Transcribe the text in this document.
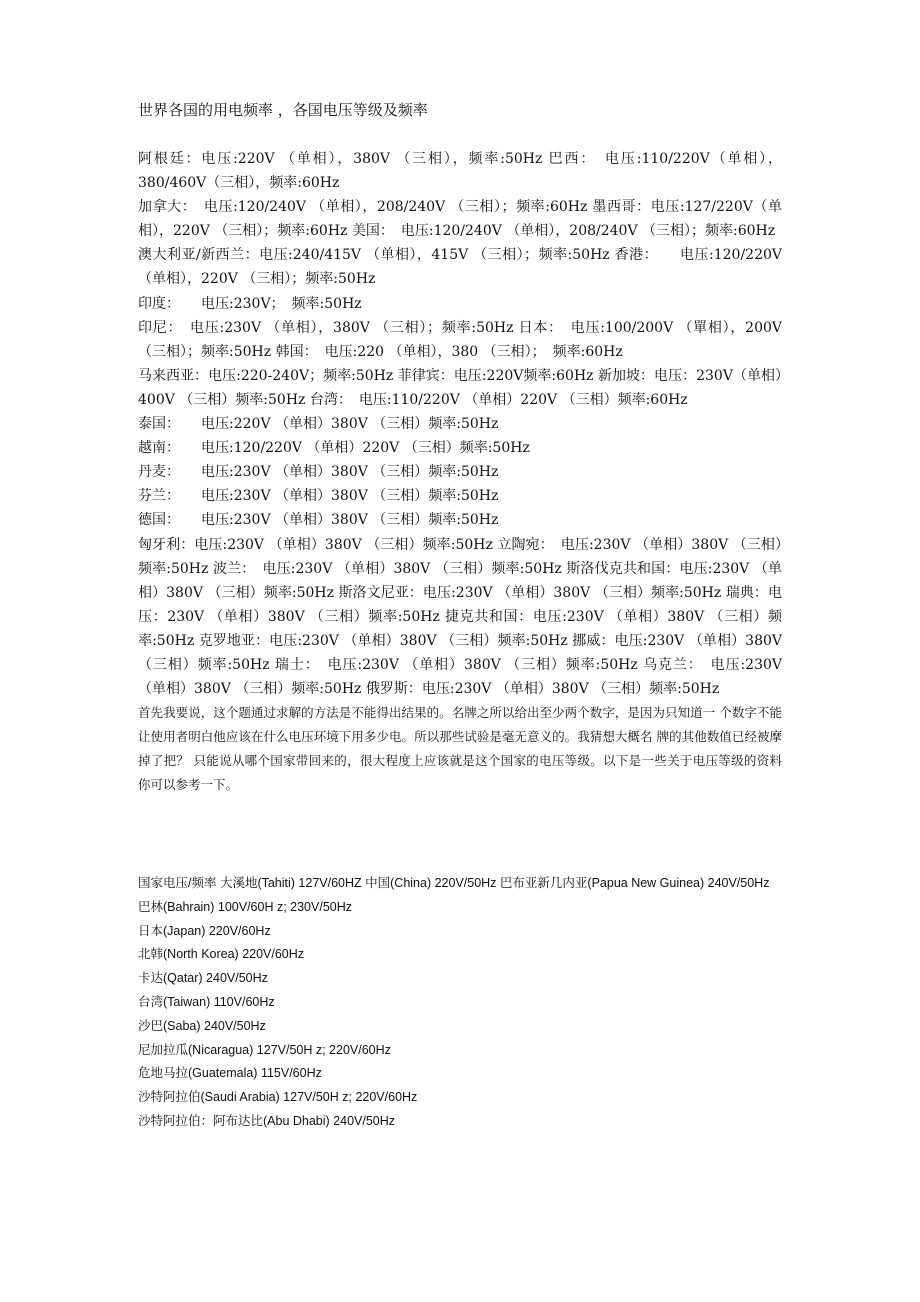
世界各国的用电频率 ，各国电压等级及频率

阿根廷：电压:220V （单相），380V （三相），频率:50Hz 巴西：　电压:110/220V（单相），380/460V（三相），频率:60Hz

加拿大：　电压:120/240V （单相），208/240V （三相）；频率:60Hz 墨西哥：电压:127/220V（单相），220V （三相）；频率:60Hz 美国：　电压:120/240V （单相），208/240V （三相）；频率:60Hz

澳大利亚/新西兰：电压:240/415V （单相），415V （三相）；频率:50Hz 香港：　　电压:120/220V （单相），220V （三相）；频率:50Hz

印度：　　电压:230V；　频率:50Hz

印尼：　电压:230V （单相），380V （三相）；频率:50Hz 日本：　电压:100/200V （單相），200V （三相）；频率:50Hz 韩国：　电压:220 （单相），380 （三相）；　频率:60Hz

马来西亚：电压:220-240V；频率:50Hz 菲律宾：电压:220V频率:60Hz 新加坡：电压：230V（单相）400V （三相）频率:50Hz 台湾：　电压:110/220V （单相）220V （三相）频率:60Hz

泰国：　　电压:220V （单相）380V （三相）频率:50Hz

越南：　　电压:120/220V （单相）220V （三相）频率:50Hz

丹麦：　　电压:230V （单相）380V （三相）频率:50Hz

芬兰：　　电压:230V （单相）380V （三相）频率:50Hz

德国：　　电压:230V （单相）380V （三相）频率:50Hz

匈牙利：电压:230V （单相）380V （三相）频率:50Hz 立陶宛：　电压:230V （单相）380V （三相）频率:50Hz 波兰：　电压:230V （单相）380V （三相）频率:50Hz 斯洛伐克共和国：电压:230V （单相）380V （三相）频率:50Hz 斯洛文尼亚：电压:230V （单相）380V （三相）频率:50Hz 瑞典：电压：230V （单相）380V （三相）频率:50Hz 捷克共和国：电压:230V （单相）380V （三相）频率:50Hz 克罗地亚：电压:230V （单相）380V （三相）频率:50Hz 挪威：电压:230V （单相）380V （三相）频率:50Hz 瑞士：　电压:230V （单相）380V （三相）频率:50Hz 乌克兰：　电压:230V （单相）380V （三相）频率:50Hz 俄罗斯：电压:230V （单相）380V （三相）频率:50Hz

首先我要说，这个题通过求解的方法是不能得出结果的。名牌之所以给出至少两个数字，是因为只知道一 个数字不能让使用者明白他应该在什么电压环境下用多少电。所以那些试验是毫无意义的。我猜想大概名 牌的其他数值已经被摩掉了把？ 只能说从哪个国家带回来的，很大程度上应该就是这个国家的电压等级。以下是一些关于电压等级的资料 你可以参考一下。

国家电压/频率 大溪地(Tahiti) 127V/60HZ 中国(China) 220V/50Hz 巴布亚新几内亚(Papua New Guinea) 240V/50Hz

巴林(Bahrain) 100V/60H z; 230V/50Hz

日本(Japan) 220V/60Hz

北韩(North Korea) 220V/60Hz

卡达(Qatar) 240V/50Hz

台湾(Taiwan) 110V/60Hz

沙巴(Saba) 240V/50Hz

尼加拉瓜(Nicaragua) 127V/50H z; 220V/60Hz

危地马拉(Guatemala) 115V/60Hz

沙特阿拉伯(Saudi Arabia) 127V/50H z; 220V/60Hz

沙特阿拉伯：阿布达比(Abu Dhabi) 240V/50Hz
